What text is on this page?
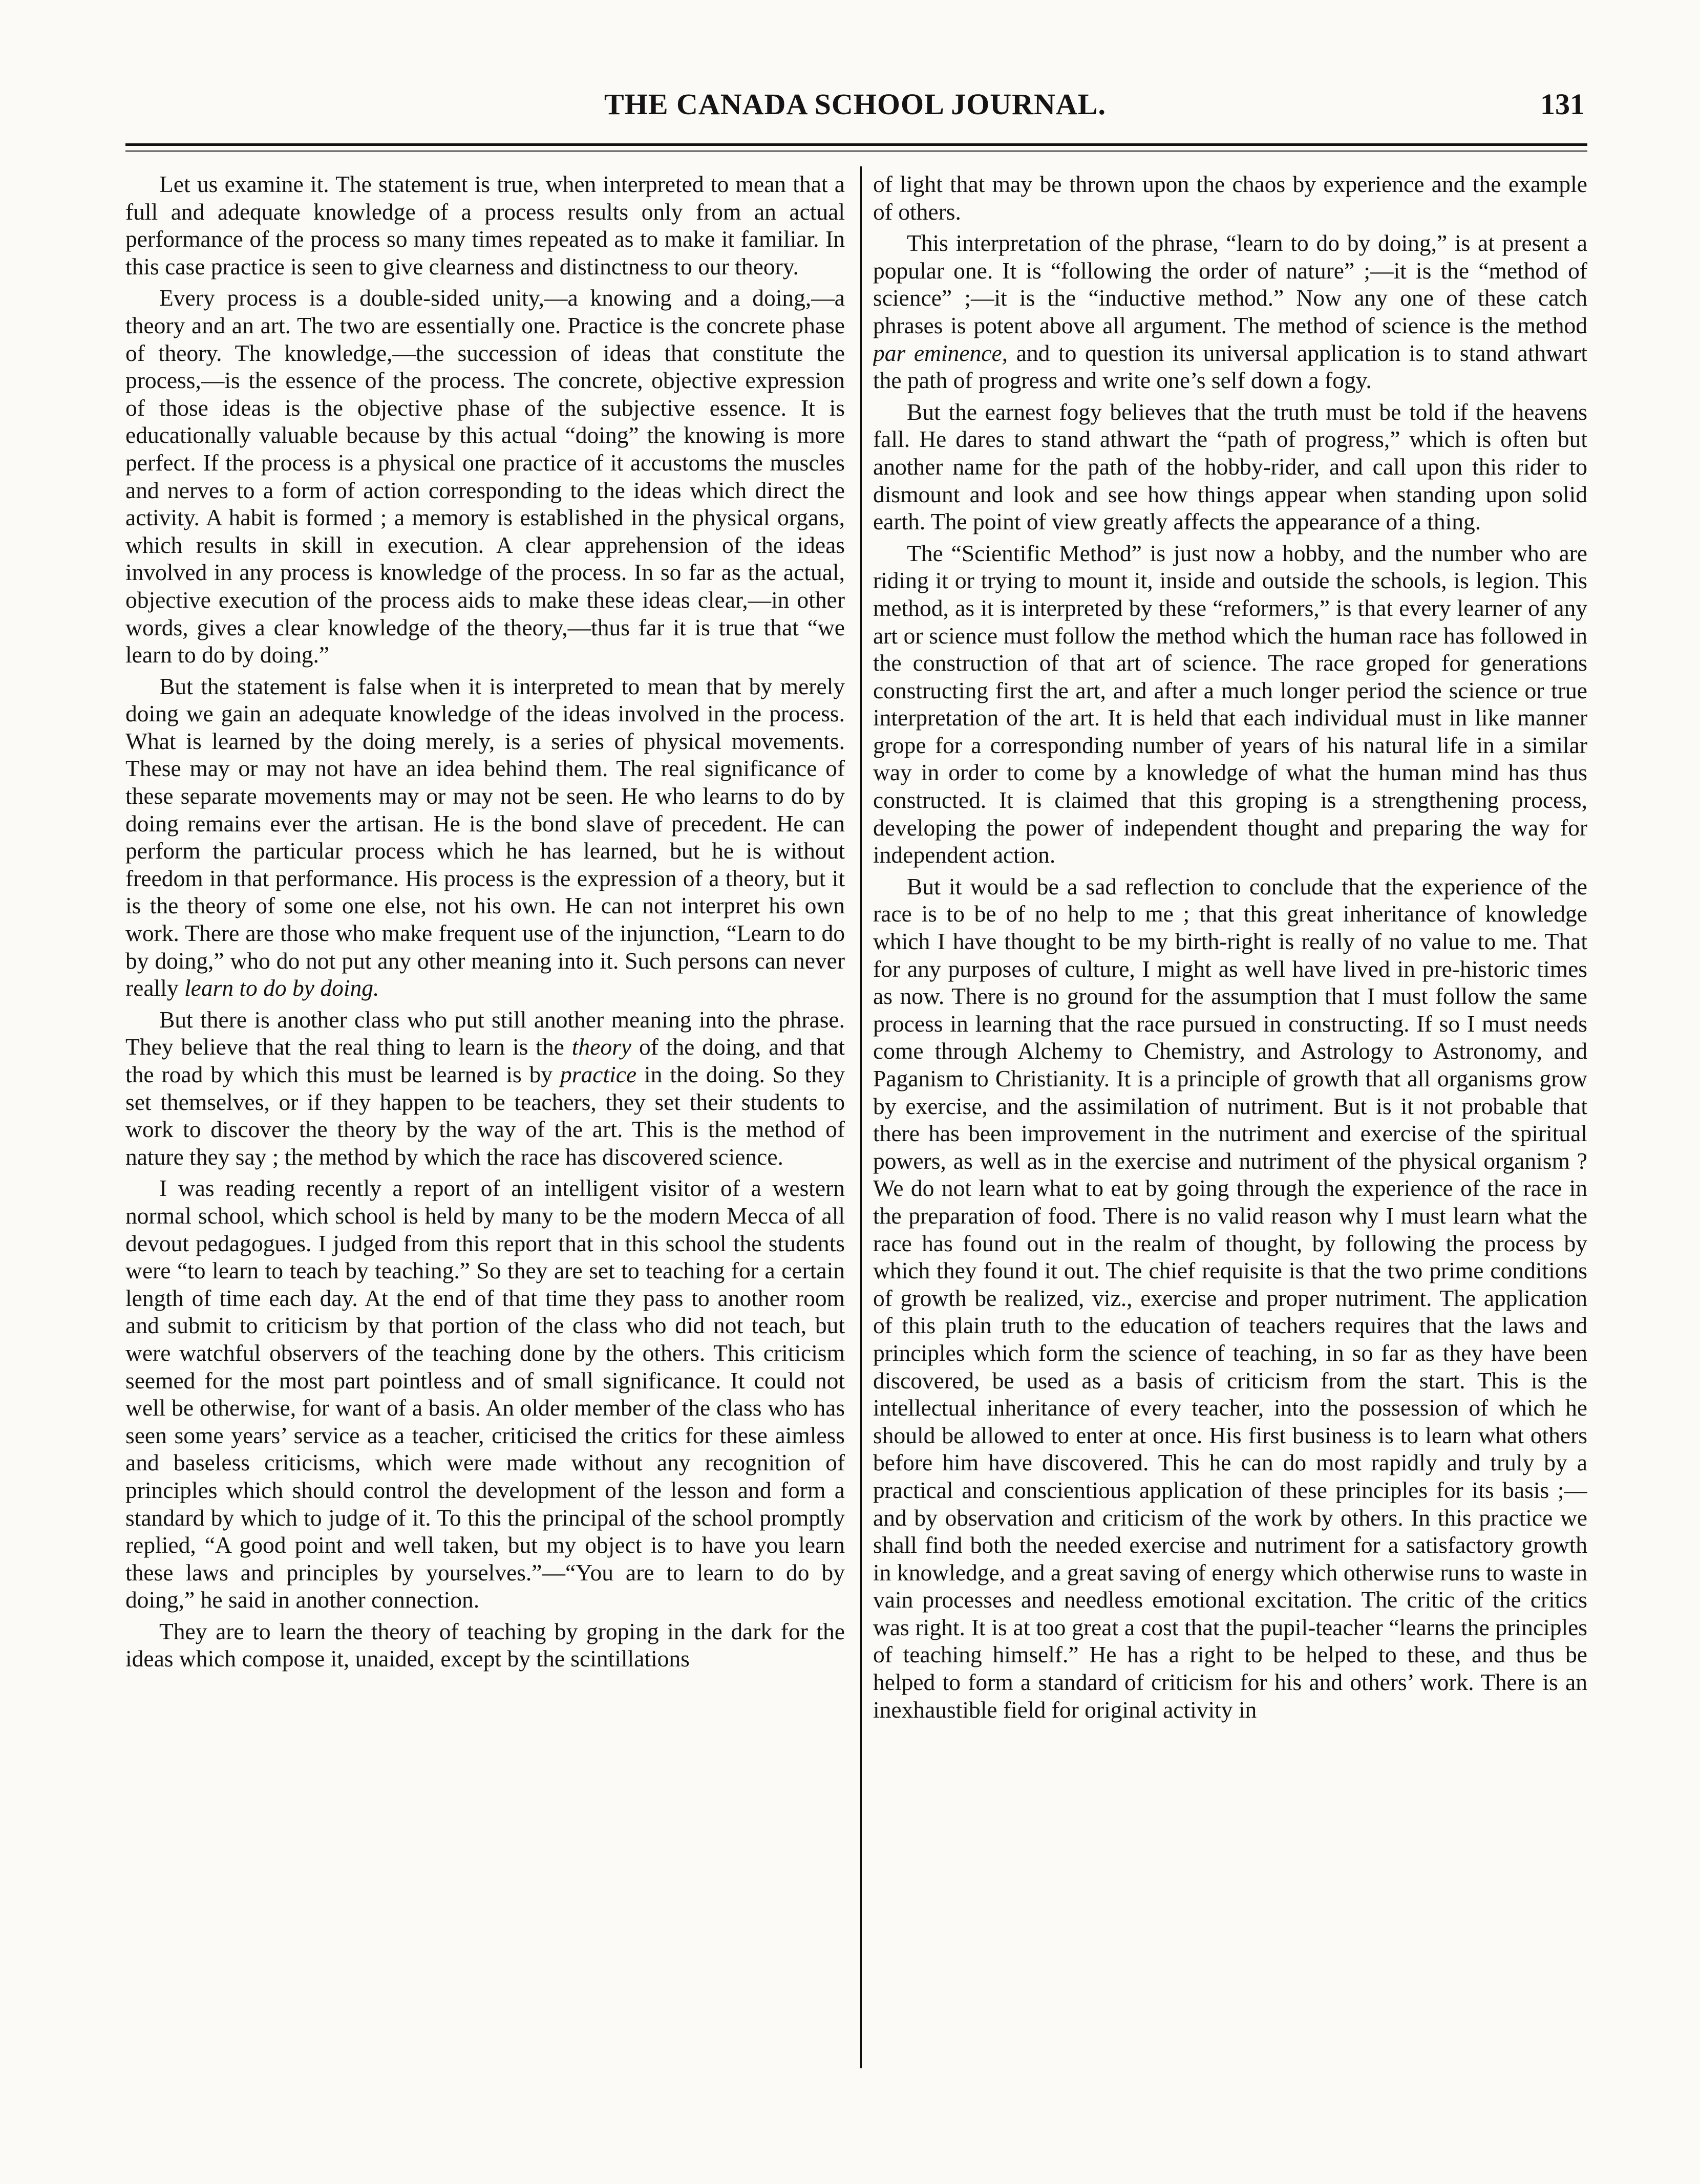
THE CANADA SCHOOL JOURNAL.	131

Let us examine it. The statement is true, when interpreted to mean that a full and adequate knowledge of a process results only from an actual performance of the process so many times repeated as to make it familiar. In this case practice is seen to give clearness and distinctness to our theory.

Every process is a double-sided unity,—a knowing and a doing,—a theory and an art. The two are essentially one. Practice is the concrete phase of theory. The knowledge,—the succession of ideas that constitute the process,—is the essence of the process. The concrete, objective expression of those ideas is the objective phase of the subjective essence. It is educationally valuable because by this actual “doing” the knowing is more perfect. If the process is a physical one practice of it accustoms the muscles and nerves to a form of action corresponding to the ideas which direct the activity. A habit is formed ; a memory is established in the physical organs, which results in skill in execution. A clear apprehension of the ideas involved in any process is knowledge of the process. In so far as the actual, objective execution of the process aids to make these ideas clear,—in other words, gives a clear knowledge of the theory,—thus far it is true that “we learn to do by doing.”

But the statement is false when it is interpreted to mean that by merely doing we gain an adequate knowledge of the ideas involved in the process. What is learned by the doing merely, is a series of physical movements. These may or may not have an idea behind them. The real significance of these separate movements may or may not be seen. He who learns to do by doing remains ever the artisan. He is the bond slave of precedent. He can perform the particular process which he has learned, but he is without freedom in that performance. His process is the expression of a theory, but it is the theory of some one else, not his own. He can not interpret his own work. There are those who make frequent use of the injunction, “Learn to do by doing,” who do not put any other meaning into it. Such persons can never really learn to do by doing.

But there is another class who put still another meaning into the phrase. They believe that the real thing to learn is the theory of the doing, and that the road by which this must be learned is by practice in the doing. So they set themselves, or if they happen to be teachers, they set their students to work to discover the theory by the way of the art. This is the method of nature they say ; the method by which the race has discovered science.

I was reading recently a report of an intelligent visitor of a western normal school, which school is held by many to be the modern Mecca of all devout pedagogues. I judged from this report that in this school the students were “to learn to teach by teaching.” So they are set to teaching for a certain length of time each day. At the end of that time they pass to another room and submit to criticism by that portion of the class who did not teach, but were watchful observers of the teaching done by the others. This criticism seemed for the most part pointless and of small significance. It could not well be otherwise, for want of a basis. An older member of the class who has seen some years’ service as a teacher, criticised the critics for these aimless and baseless criticisms, which were made without any recognition of principles which should control the development of the lesson and form a standard by which to judge of it. To this the principal of the school promptly replied, “A good point and well taken, but my object is to have you learn these laws and principles by yourselves.”—“You are to learn to do by doing,” he said in another connection.

They are to learn the theory of teaching by groping in the dark for the ideas which compose it, unaided, except by the scintillations

of light that may be thrown upon the chaos by experience and the example of others.

This interpretation of the phrase, “learn to do by doing,” is at present a popular one. It is “following the order of nature” ;—it is the “method of science” ;—it is the “inductive method.” Now any one of these catch phrases is potent above all argument. The method of science is the method par eminence, and to question its universal application is to stand athwart the path of progress and write one’s self down a fogy.

But the earnest fogy believes that the truth must be told if the heavens fall. He dares to stand athwart the “path of progress,” which is often but another name for the path of the hobby-rider, and call upon this rider to dismount and look and see how things appear when standing upon solid earth. The point of view greatly affects the appearance of a thing.

The “Scientific Method” is just now a hobby, and the number who are riding it or trying to mount it, inside and outside the schools, is legion. This method, as it is interpreted by these “reformers,” is that every learner of any art or science must follow the method which the human race has followed in the construction of that art of science. The race groped for generations constructing first the art, and after a much longer period the science or true interpretation of the art. It is held that each individual must in like manner grope for a corresponding number of years of his natural life in a similar way in order to come by a knowledge of what the human mind has thus constructed. It is claimed that this groping is a strengthening process, developing the power of independent thought and preparing the way for independent action.

But it would be a sad reflection to conclude that the experience of the race is to be of no help to me ; that this great inheritance of knowledge which I have thought to be my birth-right is really of no value to me. That for any purposes of culture, I might as well have lived in pre-historic times as now. There is no ground for the assumption that I must follow the same process in learning that the race pursued in constructing. If so I must needs come through Alchemy to Chemistry, and Astrology to Astronomy, and Paganism to Christianity. It is a principle of growth that all organisms grow by exercise, and the assimilation of nutriment. But is it not probable that there has been improvement in the nutriment and exercise of the spiritual powers, as well as in the exercise and nutriment of the physical organism ? We do not learn what to eat by going through the experience of the race in the preparation of food. There is no valid reason why I must learn what the race has found out in the realm of thought, by following the process by which they found it out. The chief requisite is that the two prime conditions of growth be realized, viz., exercise and proper nutriment. The application of this plain truth to the education of teachers requires that the laws and principles which form the science of teaching, in so far as they have been discovered, be used as a basis of criticism from the start. This is the intellectual inheritance of every teacher, into the possession of which he should be allowed to enter at once. His first business is to learn what others before him have discovered. This he can do most rapidly and truly by a practical and conscientious application of these principles for its basis ;—and by observation and criticism of the work by others. In this practice we shall find both the needed exercise and nutriment for a satisfactory growth in knowledge, and a great saving of energy which otherwise runs to waste in vain processes and needless emotional excitation. The critic of the critics was right. It is at too great a cost that the pupil-teacher “learns the principles of teaching himself.” He has a right to be helped to these, and thus be helped to form a standard of criticism for his and others’ work. There is an inexhaustible field for original activity in
